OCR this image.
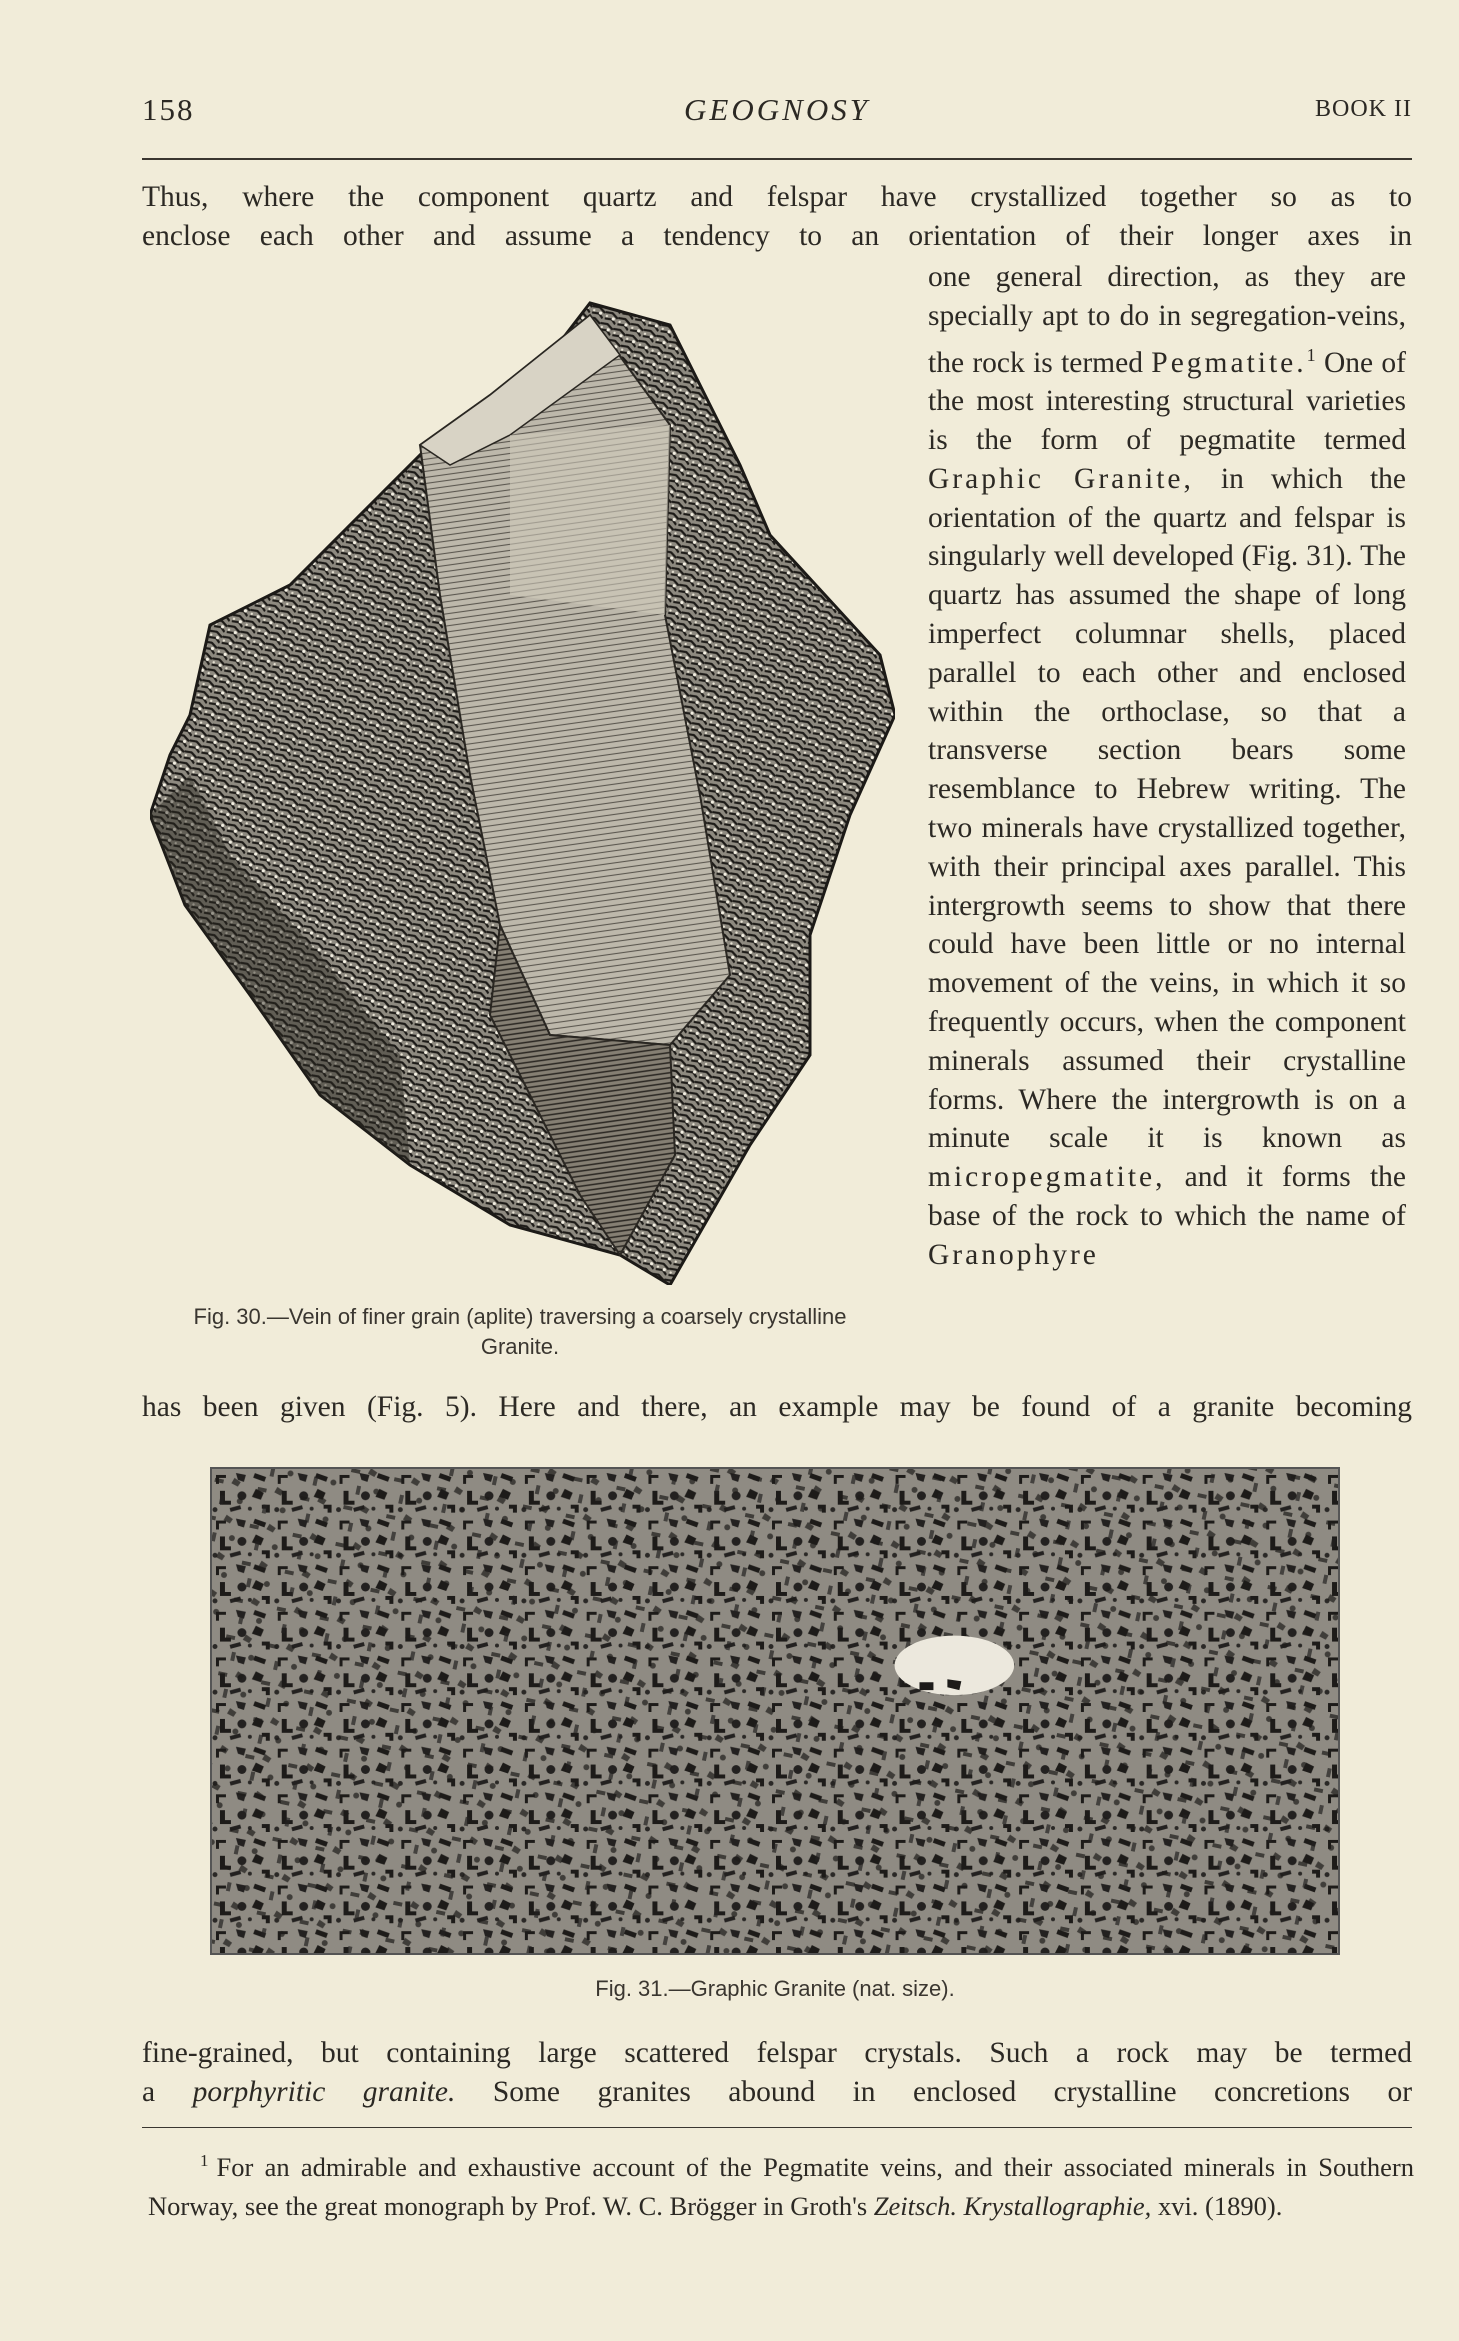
158	GEOGNOSY	BOOK II
Thus, where the component quartz and felspar have crystallized together so as to
enclose each other and assume a tendency to an orientation of their longer axes in
Fig. 30.—Vein of finer grain (aplite) traversing a coarsely crystalline Granite.
one general direction, as they are specially apt to do in segregation-veins, the rock is termed Pegmatite.$^1$ One of the most interesting structural varieties is the form of pegmatite termed Graphic Granite, in which the orientation of the quartz and felspar is singularly well developed (Fig. 31). The quartz has assumed the shape of long imperfect columnar shells, placed parallel to each other and enclosed within the orthoclase, so that a transverse section bears some resemblance to Hebrew writing. The two minerals have crystallized together, with their principal axes parallel. This intergrowth seems to show that there could have been little or no internal movement of the veins, in which it so frequently occurs, when the component minerals assumed their crystalline forms. Where the intergrowth is on a minute scale it is known as micropegmatite, and it forms the base of the rock to which the name of Granophyre
has been given (Fig. 5). Here and there, an example may be found of a granite becoming
Fig. 31.—Graphic Granite (nat. size).
fine-grained, but containing large scattered felspar crystals. Such a rock may be termed
a porphyritic granite. Some granites abound in enclosed crystalline concretions or
$^1$ For an admirable and exhaustive account of the Pegmatite veins, and their associated minerals in Southern Norway, see the great monograph by Prof. W. C. Brögger in Groth's Zeitsch. Krystallographie, xvi. (1890).
